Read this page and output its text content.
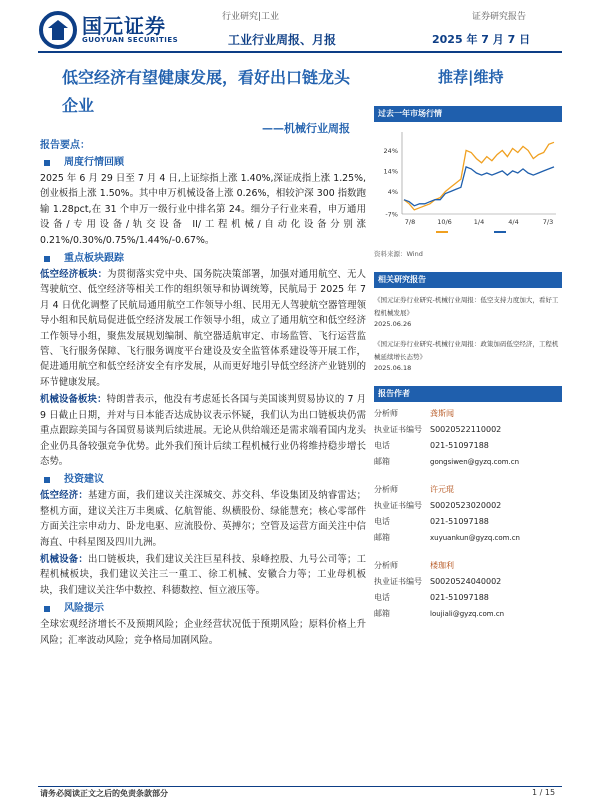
国元证券
GUOYUAN SECURITIES
行业研究|工业	证券研究报告
工业行业周报、月报	2025 年 7 月 7 日
低空经济有望健康发展，看好出口链龙头企业
——机械行业周报
推荐|维持
报告要点：
周度行情回顾
2025 年 6 月 29 日至 7 月 4 日,上证综指上涨 1.40%,深证成指上涨 1.25%,创业板指上涨 1.50%。其中申万机械设备上涨 0.26%，相较沪深 300 指数跑输 1.28pct,在 31 个申万一级行业中排名第 24。细分子行业来看，申万通用设备/专用设备/轨交设备 II/工程机械/自动化设备分别涨 0.21%/0.30%/0.75%/1.44%/-0.67%。
重点板块跟踪
低空经济板块：为贯彻落实党中央、国务院决策部署，加强对通用航空、无人驾驶航空、低空经济等相关工作的组织领导和协调统筹，民航局于 2025 年 7 月 4 日优化调整了民航局通用航空工作领导小组、民用无人驾驶航空器管理领导小组和民航局促进低空经济发展工作领导小组，成立了通用航空和低空经济工作领导小组，聚焦发展规划编制、航空器适航审定、市场监管、飞行运营监管、飞行服务保障、飞行服务调度平台建设及安全监管体系建设等开展工作，促进通用航空和低空经济安全有序发展，从而更好地引导低空经济产业链别的环节健康发展。
机械设备板块：特朗普表示，他没有考虑延长各国与美国谈判贸易协议的 7 月 9 日截止日期，并对与日本能否达成协议表示怀疑，我们认为出口链板块仍需重点跟踪美国与各国贸易谈判后续进展。无论从供给端还是需求端看国内龙头企业仍具备较强竞争优势。此外我们预计后续工程机械行业仍将维持稳步增长态势。
投资建议
低空经济：基建方面，我们建议关注深城交、苏交科、华设集团及纳睿雷达；整机方面，建议关注万丰奥威、亿航智能、纵横股份、绿能慧充；核心零部件方面关注宗申动力、卧龙电驱、应流股份、英搏尔；空管及运营方面关注中信海直、中科星图及四川九洲。
机械设备：出口链板块，我们建议关注巨星科技、泉峰控股、九号公司等；工程机械板块，我们建议关注三一重工、徐工机械、安徽合力等；工业母机板块，我们建议关注华中数控、科德数控、恒立液压等。
风险提示
全球宏观经济增长不及预期风险；企业经营状况低于预期风险；原料价格上升风险；汇率波动风险；竞争格局加剧风险。
过去一年市场行情
-7%
4%
14%
24%
7/8	10/6	1/4	4/4	7/3
资料来源：Wind
相关研究报告
《国元证券行业研究-机械行业周报：低空支持力度加大，看好工程机械发展》
2025.06.26
《国元证券行业研究-机械行业周报：政策加码低空经济，工程机械延续增长态势》
2025.06.18
报告作者
分析师	龚斯闻
执业证书编号	S0020522110002
电话	021-51097188
邮箱	gongsiwen@gyzq.com.cn
分析师	许元琨
执业证书编号	S0020523020002
电话	021-51097188
邮箱	xuyuankun@gyzq.com.cn
分析师	楼珈利
执业证书编号	S0020524040002
电话	021-51097188
邮箱	loujiali@gyzq.com.cn
请务必阅读正文之后的免责条款部分	1 / 15
